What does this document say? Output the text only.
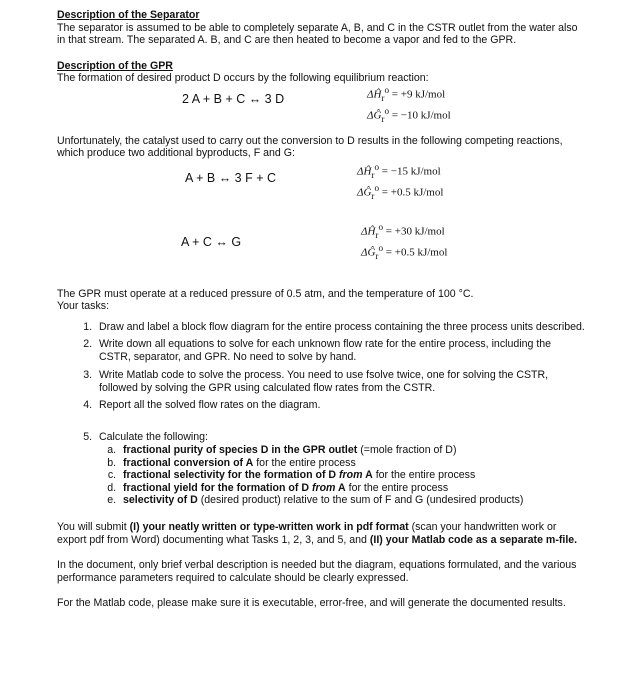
Description of the Separator
The separator is assumed to be able to completely separate A, B, and C in the CSTR outlet from the water also in that stream. The separated A. B, and C are then heated to become a vapor and fed to the GPR.
Description of the GPR
The formation of desired product D occurs by the following equilibrium reaction:
2 A + B + C ↔ 3 D	$\Delta Ĥ_r^o = +9$ kJ/mol
$\Delta Ĝ_r^o = -10$ kJ/mol
Unfortunately, the catalyst used to carry out the conversion to D results in the following competing reactions, which produce two additional byproducts, F and G:
A + B ↔ 3 F + C	$\Delta Ĥ_r^o = -15$ kJ/mol
$\Delta Ĝ_r^o = +0.5$ kJ/mol
A + C ↔ G
$\Delta Ĥ_r^o = +30$ kJ/mol
$\Delta Ĝ_r^o = +0.5$ kJ/mol
The GPR must operate at a reduced pressure of 0.5 atm, and the temperature of 100 °C.
Your tasks:
1. Draw and label a block flow diagram for the entire process containing the three process units described.
2. Write down all equations to solve for each unknown flow rate for the entire process, including the CSTR, separator, and GPR. No need to solve by hand.
3. Write Matlab code to solve the process. You need to use fsolve twice, one for solving the CSTR, followed by solving the GPR using calculated flow rates from the CSTR.
4. Report all the solved flow rates on the diagram.
5. Calculate the following:
a. fractional purity of species D in the GPR outlet (=mole fraction of D)
b. fractional conversion of A for the entire process
c. fractional selectivity for the formation of D from A for the entire process
d. fractional yield for the formation of D from A for the entire process
e. selectivity of D (desired product) relative to the sum of F and G (undesired products)
You will submit (I) your neatly written or type-written work in pdf format (scan your handwritten work or export pdf from Word) documenting what Tasks 1, 2, 3, and 5, and (II) your Matlab code as a separate m-file.
In the document, only brief verbal description is needed but the diagram, equations formulated, and the various performance parameters required to calculate should be clearly expressed.
For the Matlab code, please make sure it is executable, error-free, and will generate the documented results.
